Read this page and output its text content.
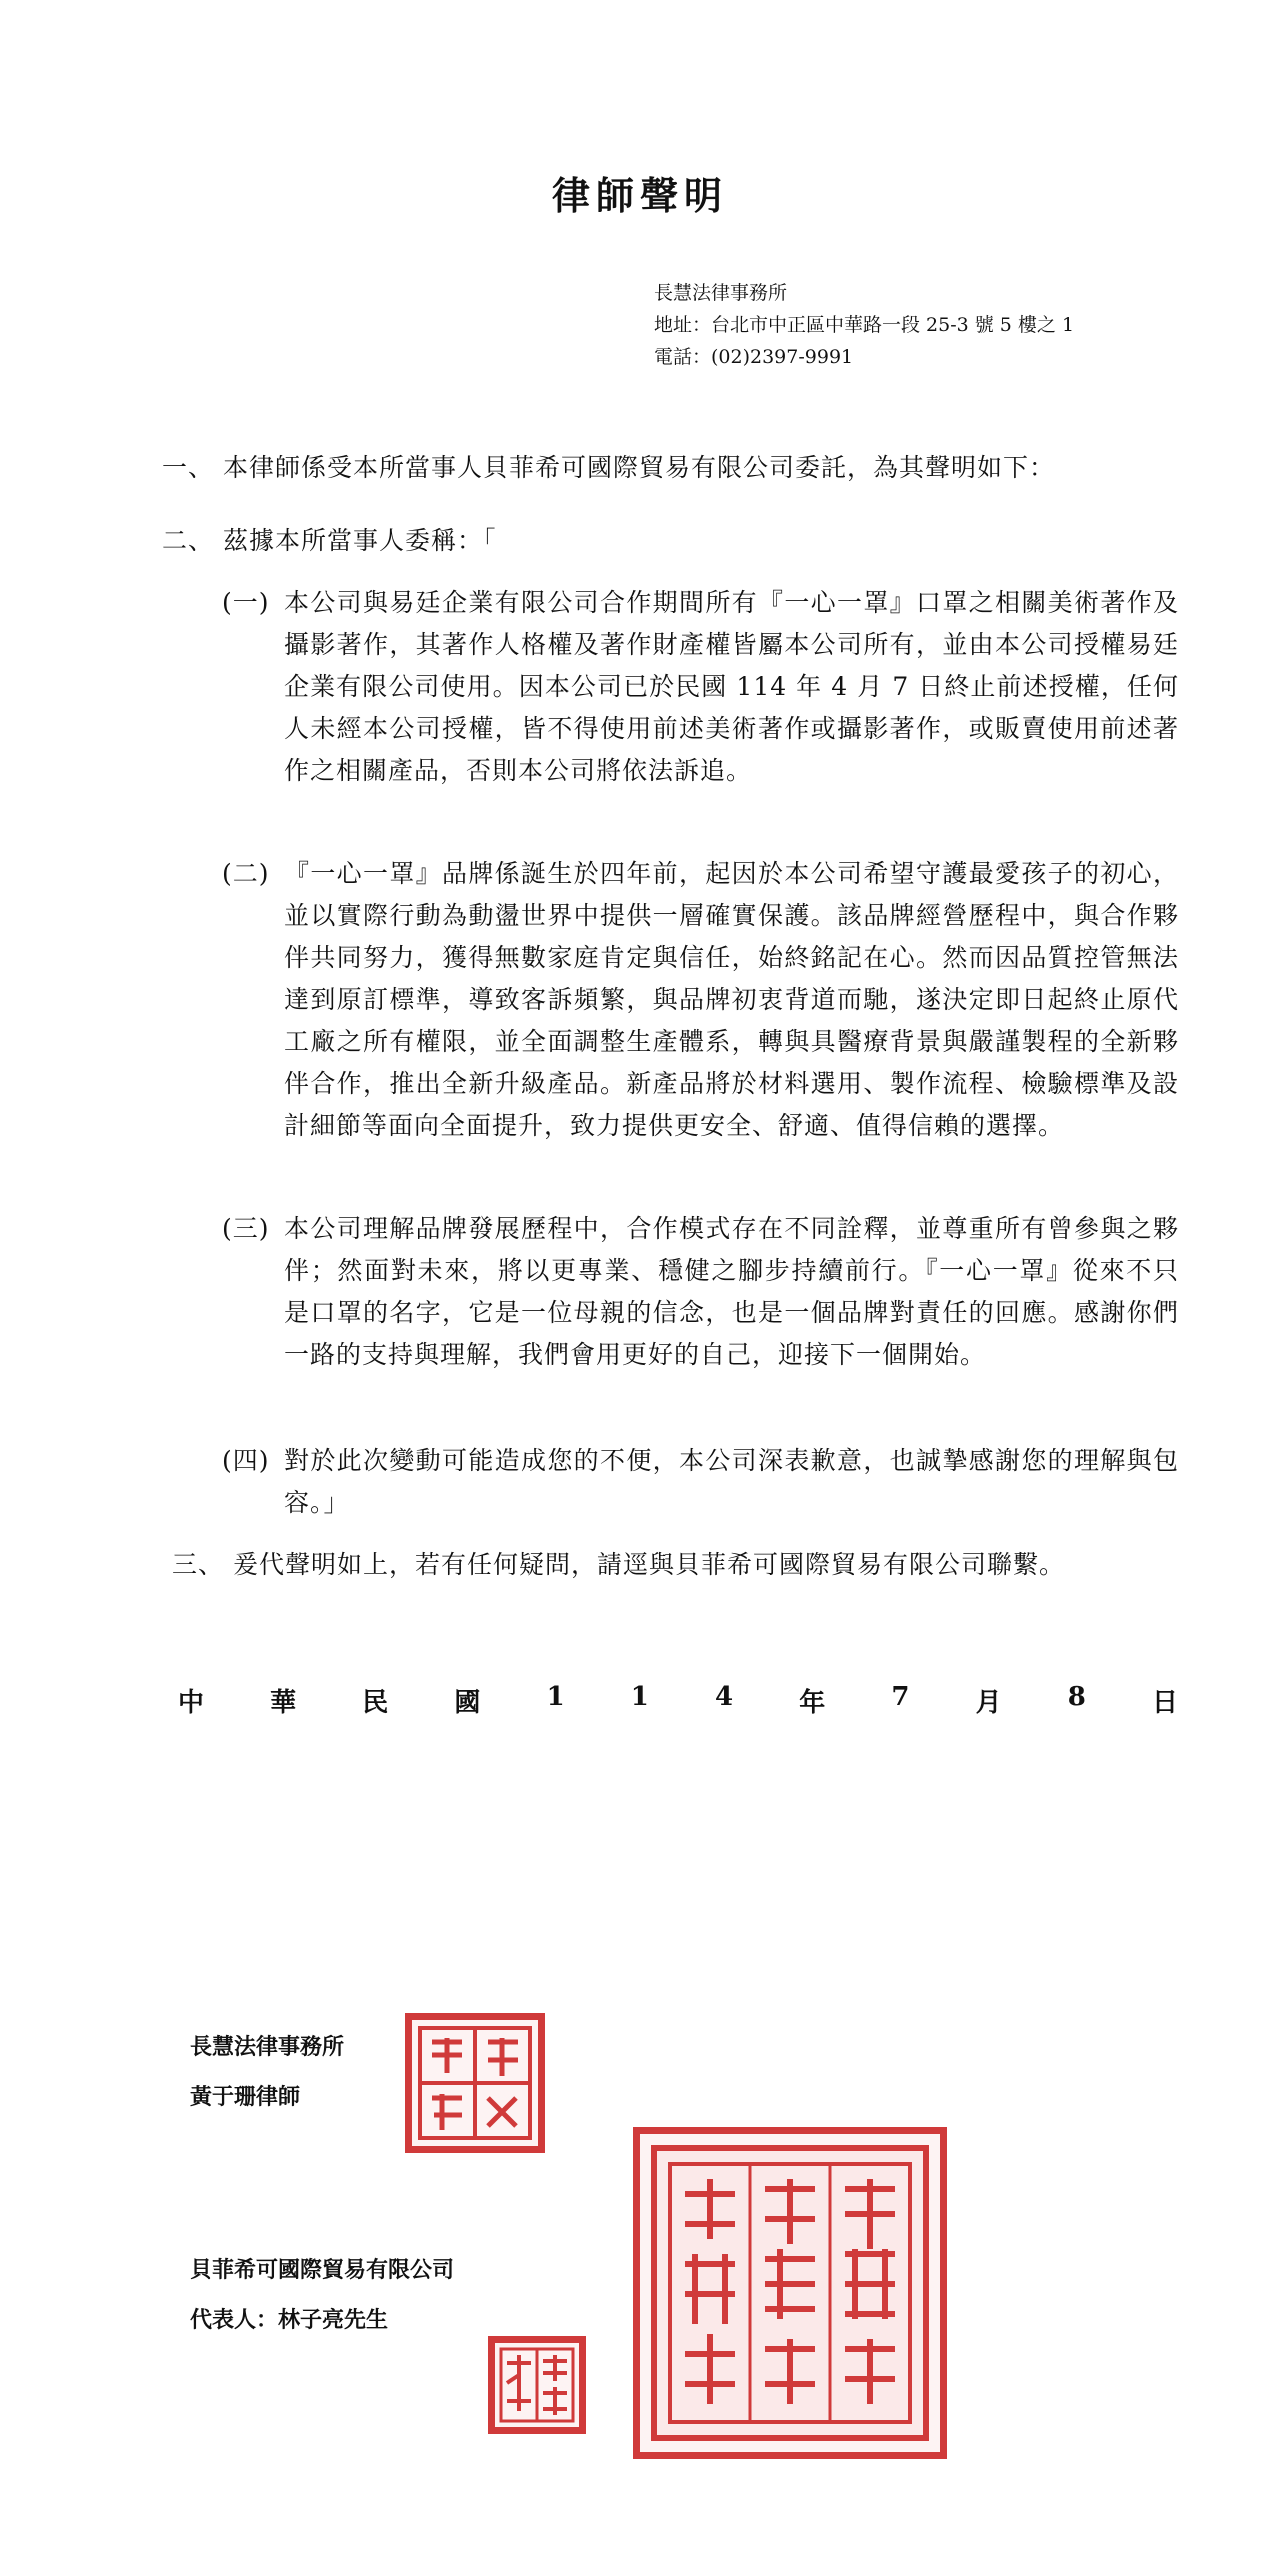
律師聲明
長慧法律事務所
地址：台北市中正區中華路一段 25-3 號 5 樓之 1
電話：(02)2397-9991
一、 本律師係受本所當事人貝菲希可國際貿易有限公司委託，為其聲明如下：
二、 茲據本所當事人委稱：「
(一) 本公司與易廷企業有限公司合作期間所有『一心一罩』口罩之相關美術著作及攝影著作，其著作人格權及著作財產權皆屬本公司所有，並由本公司授權易廷企業有限公司使用。因本公司已於民國 114 年 4 月 7 日終止前述授權，任何人未經本公司授權，皆不得使用前述美術著作或攝影著作，或販賣使用前述著作之相關產品，否則本公司將依法訴追。
(二) 『一心一罩』品牌係誕生於四年前，起因於本公司希望守護最愛孩子的初心，並以實際行動為動盪世界中提供一層確實保護。該品牌經營歷程中，與合作夥伴共同努力，獲得無數家庭肯定與信任，始終銘記在心。然而因品質控管無法達到原訂標準，導致客訴頻繁，與品牌初衷背道而馳，遂決定即日起終止原代工廠之所有權限，並全面調整生產體系，轉與具醫療背景與嚴謹製程的全新夥伴合作，推出全新升級產品。新產品將於材料選用、製作流程、檢驗標準及設計細節等面向全面提升，致力提供更安全、舒適、值得信賴的選擇。
(三) 本公司理解品牌發展歷程中，合作模式存在不同詮釋，並尊重所有曾參與之夥伴；然面對未來，將以更專業、穩健之腳步持續前行。『一心一罩』從來不只是口罩的名字，它是一位母親的信念，也是一個品牌對責任的回應。感謝你們一路的支持與理解，我們會用更好的自己，迎接下一個開始。
(四) 對於此次變動可能造成您的不便，本公司深表歉意，也誠摯感謝您的理解與包容。」
三、 爰代聲明如上，若有任何疑問，請逕與貝菲希可國際貿易有限公司聯繫。
中	華	民	國	1	1	4	年	7	月	8	日
長慧法律事務所
黃于珊律師
貝菲希可國際貿易有限公司
代表人：林子亮先生
